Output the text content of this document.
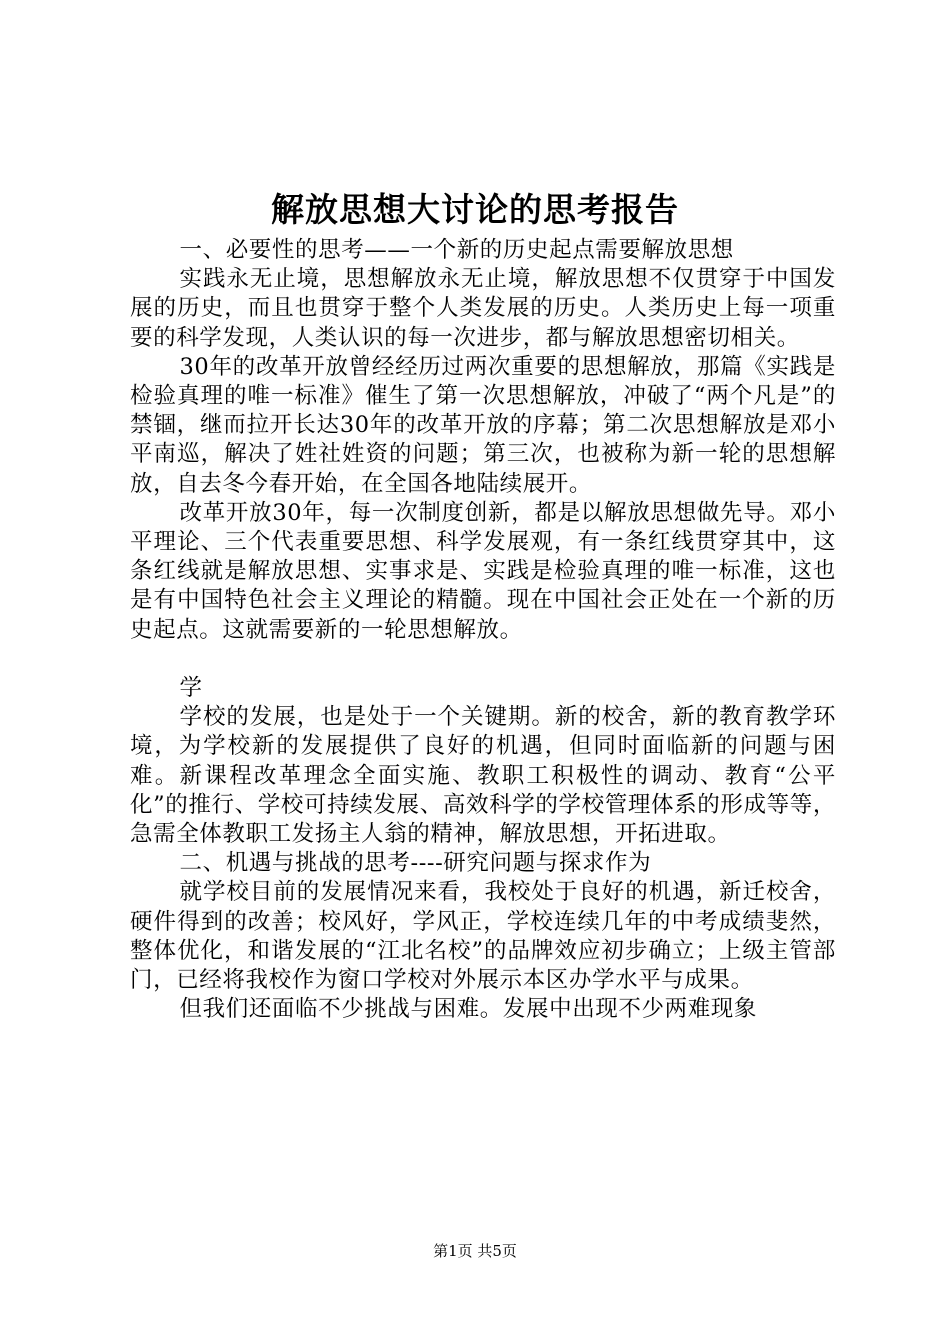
解放思想大讨论的思考报告

一、必要性的思考——一个新的历史起点需要解放思想

实践永无止境，思想解放永无止境，解放思想不仅贯穿于中国发展的历史，而且也贯穿于整个人类发展的历史。人类历史上每一项重要的科学发现，人类认识的每一次进步，都与解放思想密切相关。

30年的改革开放曾经经历过两次重要的思想解放，那篇《实践是检验真理的唯一标准》催生了第一次思想解放，冲破了“两个凡是”的禁锢，继而拉开长达30年的改革开放的序幕；第二次思想解放是邓小平南巡，解决了姓社姓资的问题；第三次，也被称为新一轮的思想解放，自去冬今春开始，在全国各地陆续展开。

改革开放30年，每一次制度创新，都是以解放思想做先导。邓小平理论、三个代表重要思想、科学发展观，有一条红线贯穿其中，这条红线就是解放思想、实事求是、实践是检验真理的唯一标准，这也是有中国特色社会主义理论的精髓。现在中国社会正处在一个新的历史起点。这就需要新的一轮思想解放。

学

学校的发展，也是处于一个关键期。新的校舍，新的教育教学环境，为学校新的发展提供了良好的机遇，但同时面临新的问题与困难。新课程改革理念全面实施、教职工积极性的调动、教育“公平化”的推行、学校可持续发展、高效科学的学校管理体系的形成等等，急需全体教职工发扬主人翁的精神，解放思想，开拓进取。

二、机遇与挑战的思考----研究问题与探求作为

就学校目前的发展情况来看，我校处于良好的机遇，新迁校舍，硬件得到的改善；校风好，学风正，学校连续几年的中考成绩斐然，整体优化，和谐发展的“江北名校”的品牌效应初步确立；上级主管部门，已经将我校作为窗口学校对外展示本区办学水平与成果。

但我们还面临不少挑战与困难。发展中出现不少两难现象

第1页 共5页
